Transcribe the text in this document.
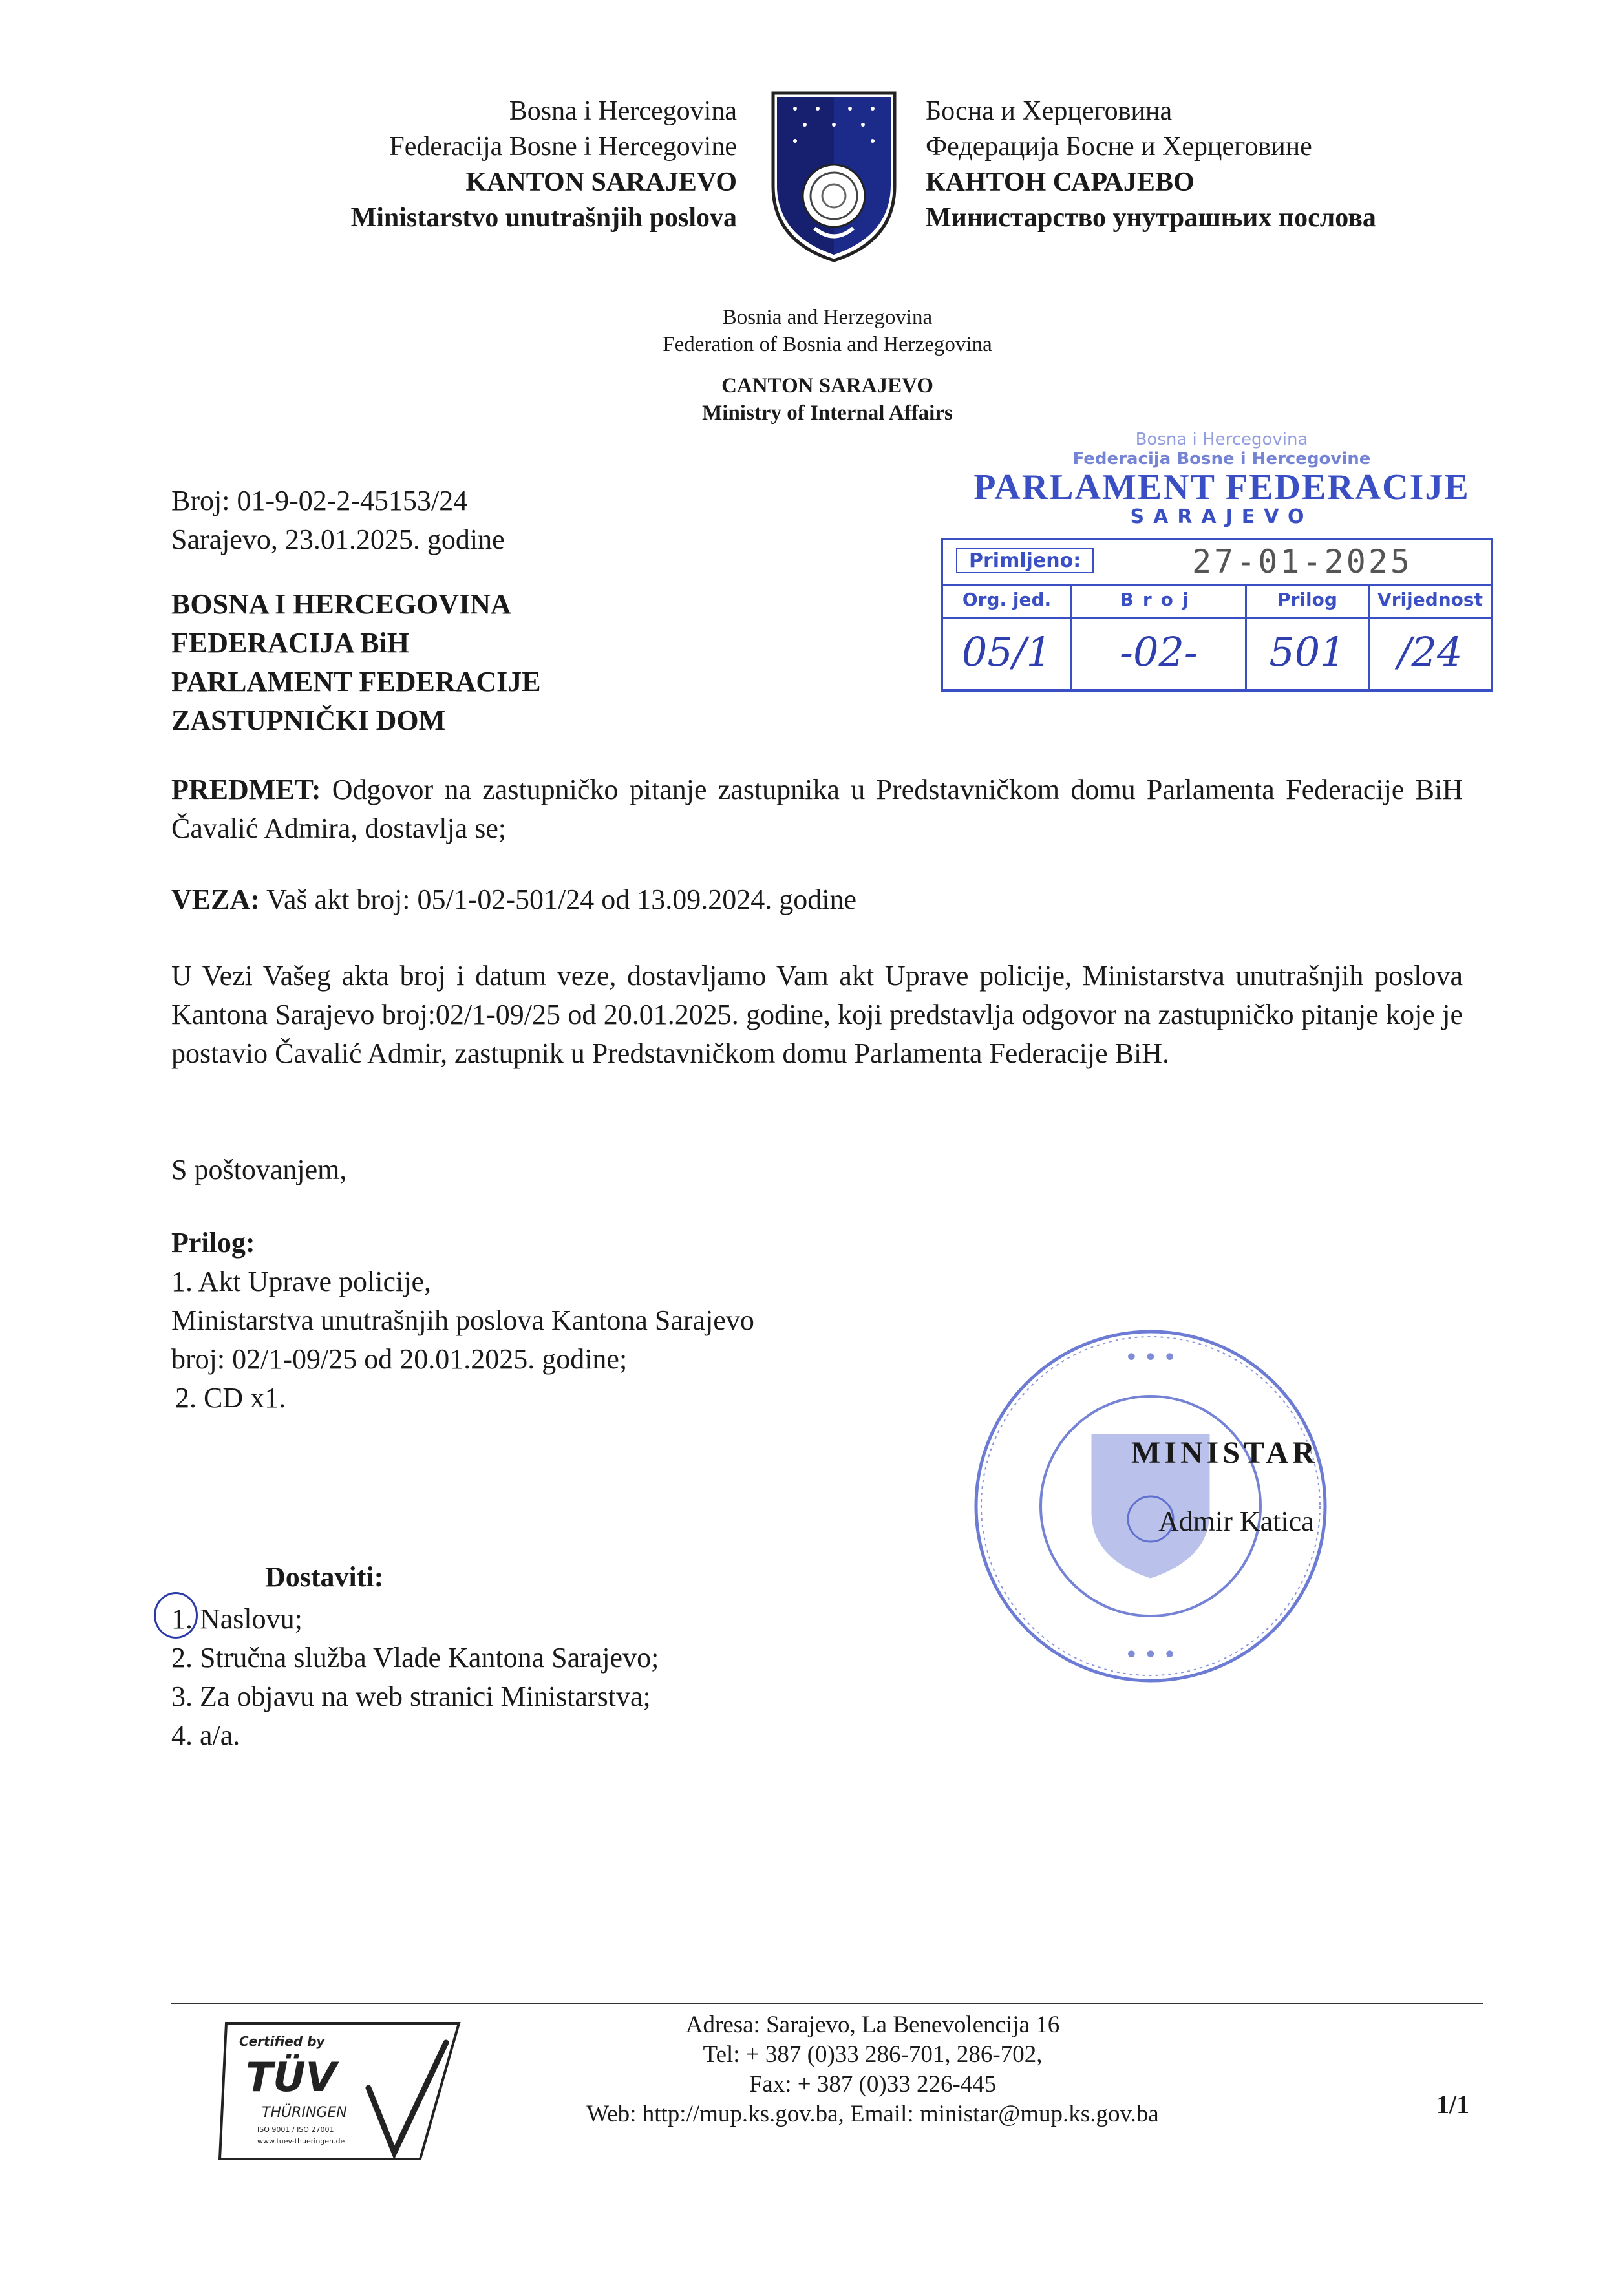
Bosna i Hercegovina
Federacija Bosne i Hercegovine
KANTON SARAJEVO
Ministarstvo unutrašnjih poslova
Босна и Херцеговина
Федерација Босне и Херцеговине
КАНТОН САРАЈЕВО
Министарство унутрашњих послова
Bosnia and Herzegovina
Federation of Bosnia and Herzegovina
CANTON SARAJEVO
Ministry of Internal Affairs
Bosna i Hercegovina
Federacija Bosne i Hercegovine
PARLAMENT FEDERACIJE
SARAJEVO
Primljeno:	27-01-2025
Org. jed.	Broj	Prilog	Vrijednost
05/1	-02-	501	/24
Broj: 01-9-02-2-45153/24
Sarajevo, 23.01.2025. godine
BOSNA I HERCEGOVINA
FEDERACIJA BiH
PARLAMENT FEDERACIJE
ZASTUPNIČKI DOM
PREDMET: Odgovor na zastupničko pitanje zastupnika u Predstavničkom domu Parlamenta Federacije BiH Čavalić Admira, dostavlja se;
VEZA: Vaš akt broj: 05/1-02-501/24 od 13.09.2024. godine
U Vezi Vašeg akta broj i datum veze, dostavljamo Vam akt Uprave policije, Ministarstva unutrašnjih poslova Kantona Sarajevo broj:02/1-09/25 od 20.01.2025. godine, koji predstavlja odgovor na zastupničko pitanje koje je postavio Čavalić Admir, zastupnik u Predstavničkom domu Parlamenta Federacije BiH.
S poštovanjem,
Prilog:
1. Akt Uprave policije,
Ministarstva unutrašnjih poslova Kantona Sarajevo
broj: 02/1-09/25 od 20.01.2025. godine;
2. CD x1.
Dostaviti:
1. Naslovu;
2. Stručna služba Vlade Kantona Sarajevo;
3. Za objavu na web stranici Ministarstva;
4. a/a.
• • •
• • •
MINISTAR
Admir Katica
Certified by
TÜV
THÜRINGEN
ISO 9001 / ISO 27001
www.tuev-thueringen.de
Adresa: Sarajevo, La Benevolencija 16
Tel: + 387 (0)33 286-701, 286-702,
Fax: + 387 (0)33 226-445
Web: http://mup.ks.gov.ba, Email: ministar@mup.ks.gov.ba	1/1
